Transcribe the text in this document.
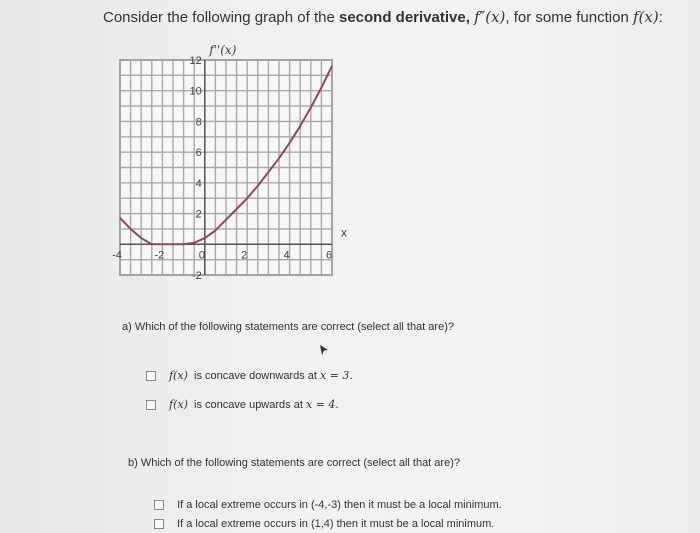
Consider the following graph of the second derivative, f″(x), for some function f(x):
-4	-2	0	2	4	6
-2
2
4
6
8
10
12
f''(x)
x
a) Which of the following statements are correct (select all that are)?
f(x) is concave downwards at x = 3.
f(x) is concave upwards at x = 4.
b) Which of the following statements are correct (select all that are)?
If a local extreme occurs in (-4,-3) then it must be a local minimum.
If a local extreme occurs in (1,4) then it must be a local minimum.
